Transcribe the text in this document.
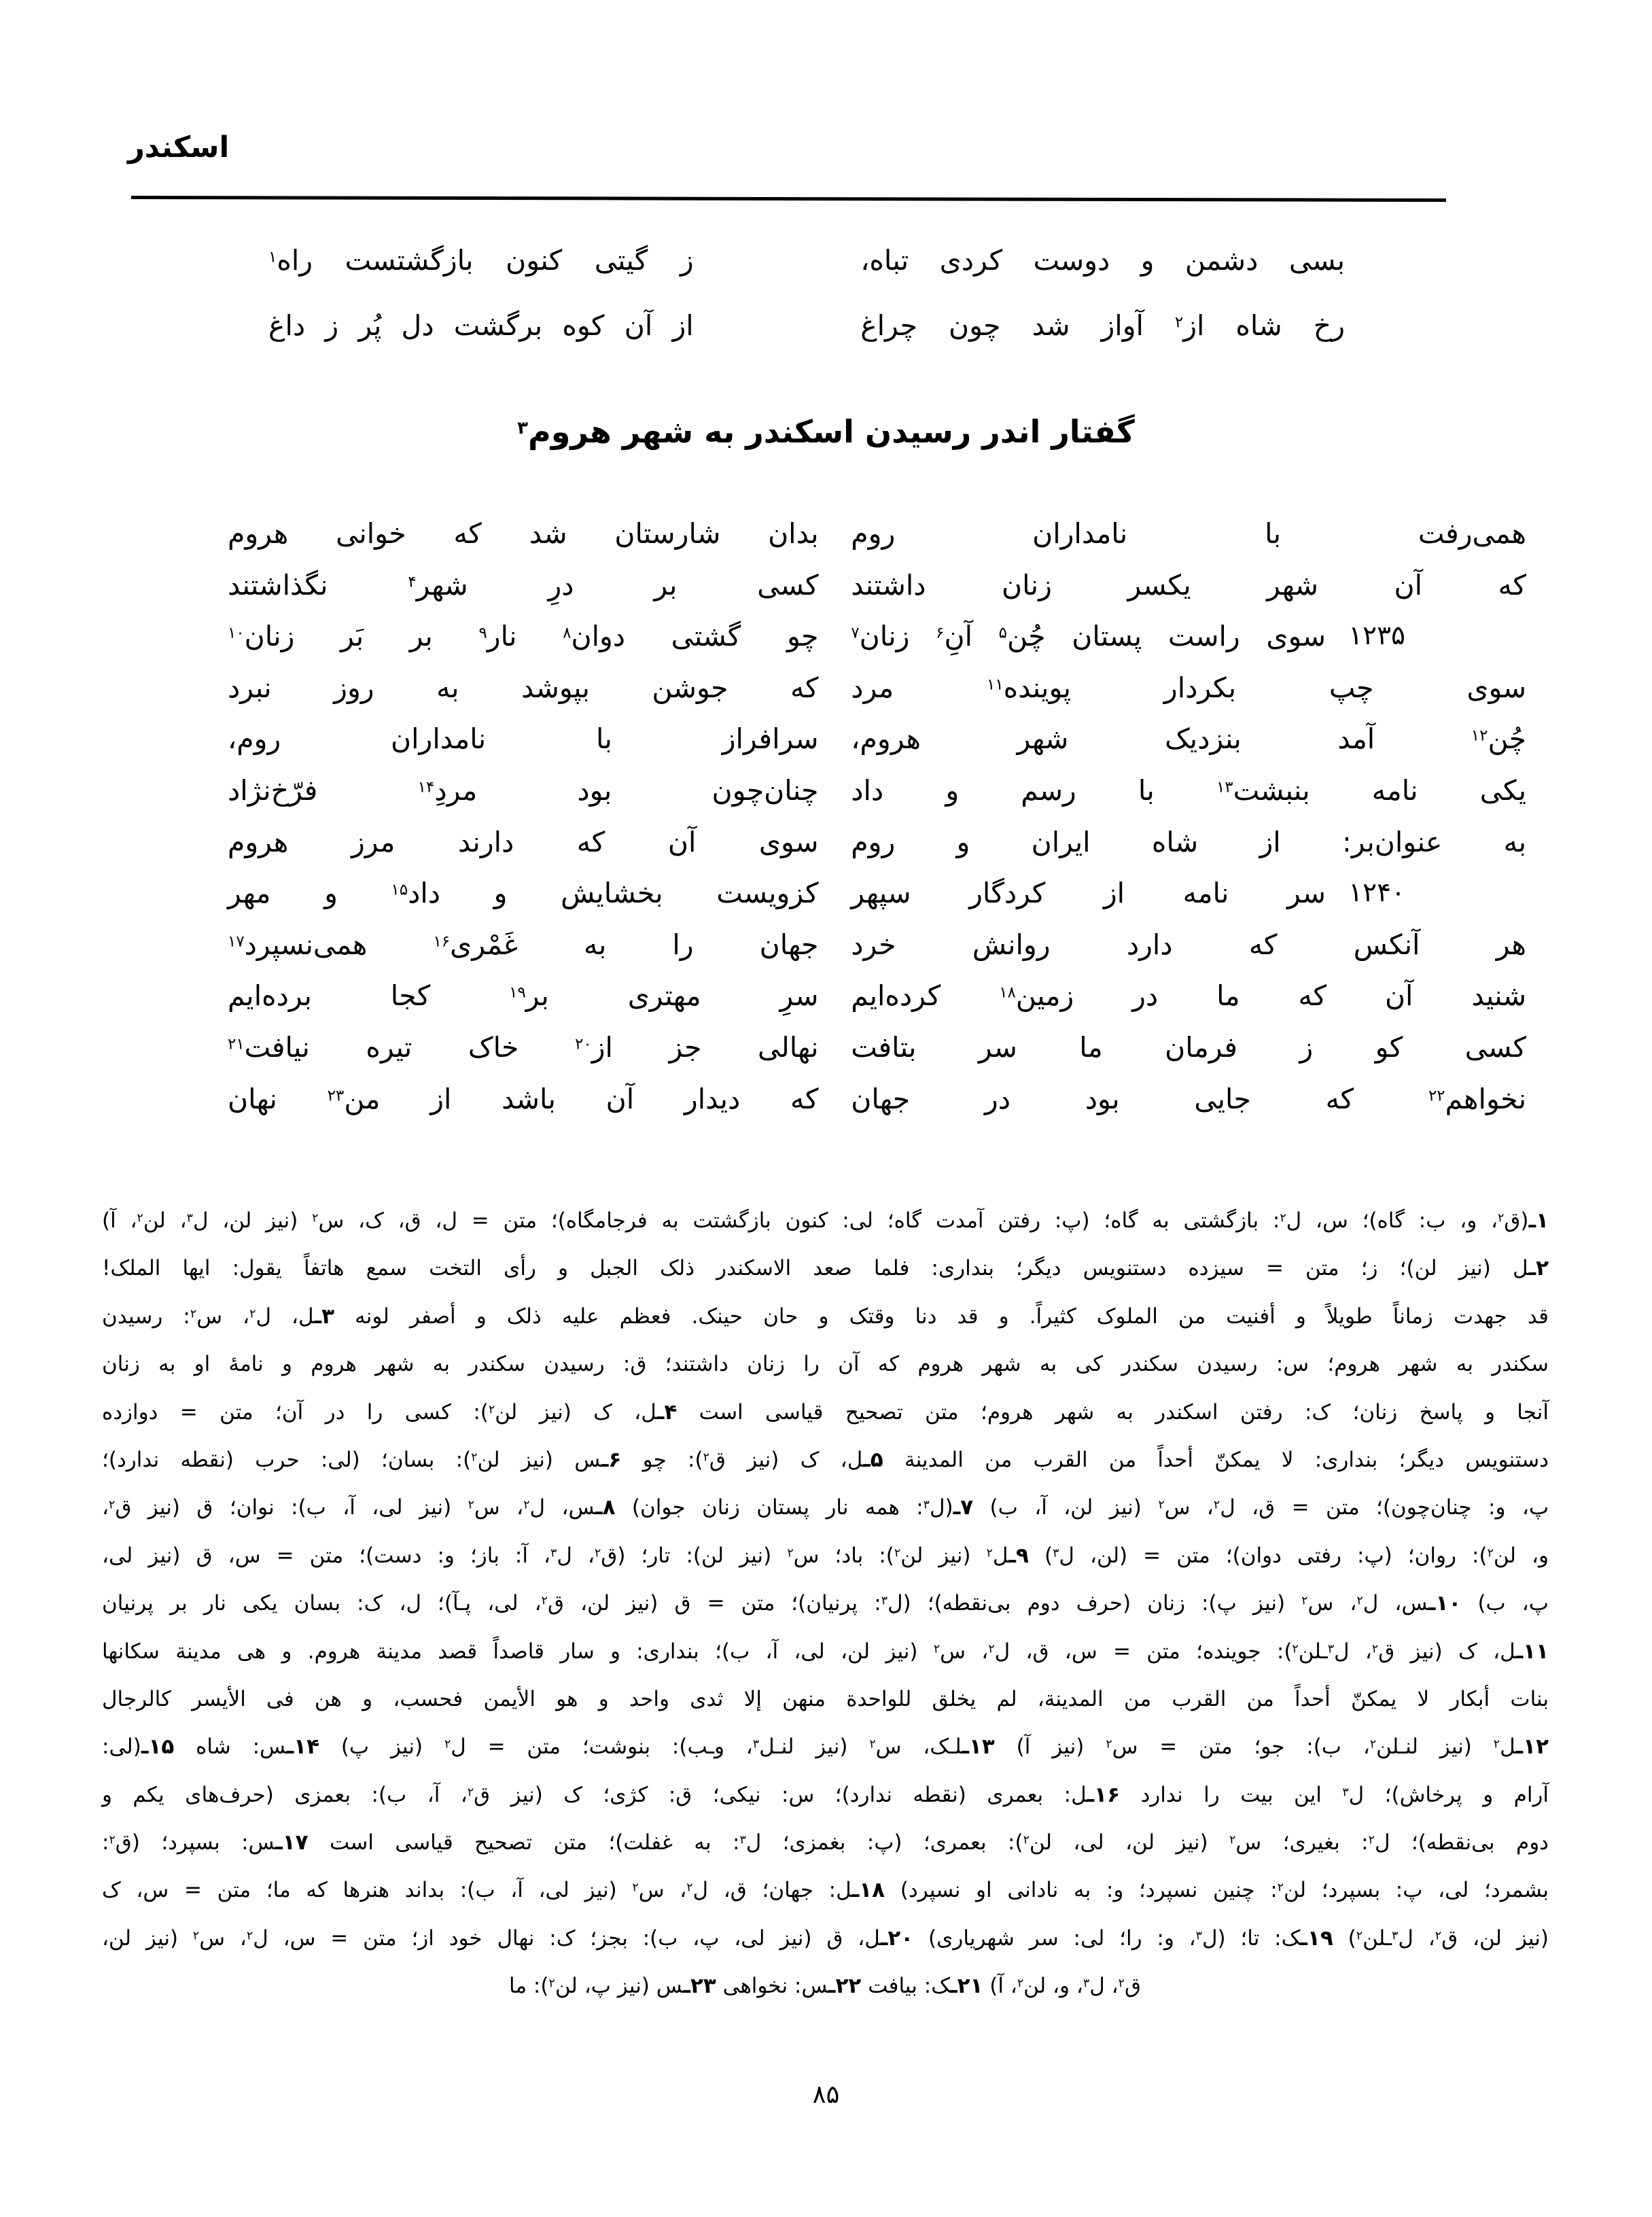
اسکندر
بسی دشمن و دوست کردی تباه،
ز گیتی کنون بازگشتست راه$^۱$
رخ شاه از$^۲$ آواز شد چون چراغ
از آن کوه برگشت دل پُر ز داغ
گفتار اندر رسیدن اسکندر به شهر هروم$^۳$
همی‌رفت با نامداران روم
بدان شارستان شد که خوانی هروم
که آن شهر یکسر زنان داشتند
کسی بر درِ شهر$^۴$ نگذاشتند
۱۲۳۵
سوی راست پستان چُن$^۵$ آنِ$^۶$ زنان$^۷$
چو گشتی دوان$^۸$ نار$^۹$ بر بَر زنان$^{۱۰}$
سوی چپ بکردار پوینده$^{۱۱}$ مرد
که جوشن بپوشد به روز نبرد
چُن$^{۱۲}$ آمد بنزدیک شهر هروم،
سرافراز با نامداران روم،
یکی نامه بنبشت$^{۱۳}$ با رسم و داد
چنان‌چون بود مردِ$^{۱۴}$ فرّخ‌نژاد
به عنوان‌بر: از شاه ایران و روم
سوی آن که دارند مرز هروم
۱۲۴۰
سر نامه از کردگار سپهر
کزویست بخشایش و داد$^{۱۵}$ و مهر
هر آنکس که دارد روانش خرد
جهان را به غَمْری$^{۱۶}$ همی‌نسپرد$^{۱۷}$
شنید آن که ما در زمین$^{۱۸}$ کرده‌ایم
سرِ مهتری بر$^{۱۹}$ کجا برده‌ایم
کسی کو ز فرمان ما سر بتافت
نهالی جز از$^{۲۰}$ خاک تیره نیافت$^{۲۱}$
نخواهم$^{۲۲}$ که جایی بود در جهان
که دیدار آن باشد از من$^{۲۳}$ نهان
۱ـ(ق$^۲$، و، ب: گاه)؛ س، ل$^۲$: بازگشتی به گاه؛ (پ: رفتن آمدت گاه؛ لی: کنون بازگشتت به فرجامگاه)؛ متن = ل، ق، ک، س$^۲$ (نیز لن، ل$^۳$، لن$^۲$، آ)
۲ـل (نیز لن)؛ ز؛ متن = سیزده دستنویس دیگر؛ بنداری: فلما صعد الاسکندر ذلک الجبل و رأی التخت سمع هاتفاً یقول: ایها الملک!
قد جهدت زماناً طویلاً و أفنیت من الملوک کثیراً. و قد دنا وقتک و حان حینک. فعظم علیه ذلک و أصفر لونه ۳ـل، ل$^۲$، س$^۲$: رسیدن
سکندر به شهر هروم؛ س: رسیدن سکندر کی به شهر هروم که آن را زنان داشتند؛ ق: رسیدن سکندر به شهر هروم و نامهٔ او به زنان
آنجا و پاسخ زنان؛ ک: رفتن اسکندر به شهر هروم؛ متن تصحیح قیاسی است ۴ـل، ک (نیز لن$^۲$): کسی را در آن؛ متن = دوازده
دستنویس دیگر؛ بنداری: لا یمکنّ أحداً من القرب من المدینة ۵ـل، ک (نیز ق$^۲$): چو ۶ـس (نیز لن$^۲$): بسان؛ (لی: حرب (نقطه ندارد)؛
پ، و: چنان‌چون)؛ متن = ق، ل$^۲$، س$^۲$ (نیز لن، آ، ب) ۷ـ(ل$^۳$: همه نار پستان زنان جوان) ۸ـس، ل$^۲$، س$^۲$ (نیز لی، آ، ب): نوان؛ ق (نیز ق$^۲$،
و، لن$^۲$): روان؛ (پ: رفتی دوان)؛ متن = (لن، ل$^۳$) ۹ـل$^۲$ (نیز لن$^۲$): باد؛ س$^۲$ (نیز لن): تار؛ (ق$^۲$، ل$^۳$، آ: باز؛ و: دست)؛ متن = س، ق (نیز لی،
پ، ب) ۱۰ـس، ل$^۲$، س$^۲$ (نیز پ): زنان (حرف دوم بی‌نقطه)؛ (ل$^۳$: پرنیان)؛ متن = ق (نیز لن، ق$^۲$، لی، پـآ)؛ ل، ک: بسان یکی نار بر پرنیان
۱۱ـل، ک (نیز ق$^۲$، ل$^۳$ـلن$^۲$): جوینده؛ متن = س، ق، ل$^۲$، س$^۲$ (نیز لن، لی، آ، ب)؛ بنداری: و سار قاصداً قصد مدینة هروم. و هی مدینة سکانها
بنات أبکار لا یمکنّ أحداً من القرب من المدینة، لم یخلق للواحدة منهن إلا ثدی واحد و هو الأیمن فحسب، و هن فی الأیسر کالرجال
۱۲ـل$^۲$ (نیز لنـلن$^۲$، ب): جو؛ متن = س$^۲$ (نیز آ) ۱۳ـلـک، س$^۲$ (نیز لنـل$^۳$، وـب): بنوشت؛ متن = ل$^۲$ (نیز پ) ۱۴ـس: شاه ۱۵ـ(لی:
آرام و پرخاش)؛ ل$^۳$ این بیت را ندارد ۱۶ـل: بعمری (نقطه ندارد)؛ س: نیکی؛ ق: کژی؛ ک (نیز ق$^۲$، آ، ب): بعمزی (حرف‌های یکم و
دوم بی‌نقطه)؛ ل$^۲$: بغیری؛ س$^۲$ (نیز لن، لی، لن$^۲$): بعمری؛ (پ: بغمزی؛ ل$^۳$: به غفلت)؛ متن تصحیح قیاسی است ۱۷ـس: بسپرد؛ (ق$^۲$:
بشمرد؛ لی، پ: بسپرد؛ لن$^۲$: چنین نسپرد؛ و: به نادانی او نسپرد) ۱۸ـل: جهان؛ ق، ل$^۲$، س$^۲$ (نیز لی، آ، ب): بداند هنرها که ما؛ متن = س، ک
(نیز لن، ق$^۲$، ل$^۳$ـلن$^۲$) ۱۹ـک: تا؛ (ل$^۳$، و: را؛ لی: سر شهریاری) ۲۰ـل، ق (نیز لی، پ، ب): بجز؛ ک: نهال خود از؛ متن = س، ل$^۲$، س$^۲$ (نیز لن،
ق$^۲$، ل$^۳$، و، لن$^۲$، آ) ۲۱ـک: بیافت ۲۲ـس: نخواهی ۲۳ـس (نیز پ، لن$^۲$): ما
۸۵
